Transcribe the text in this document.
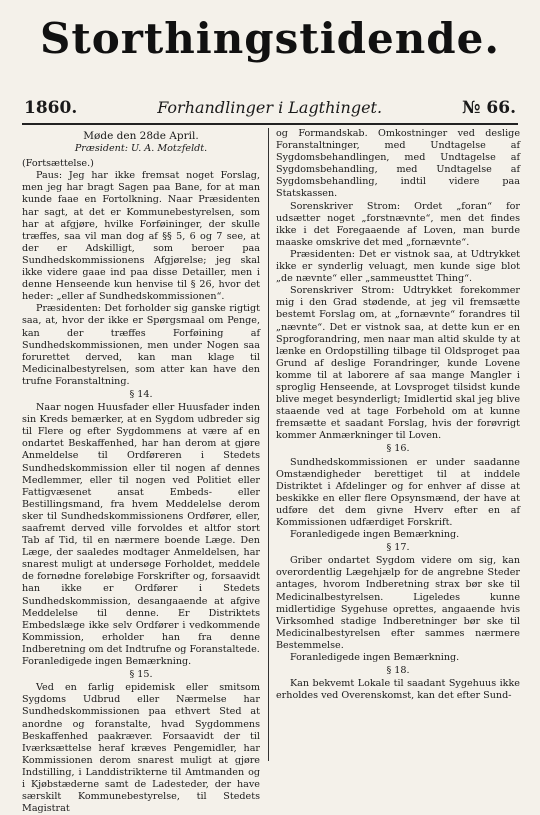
Storthingstidende.
1860.	Forhandlinger i Lagthinget.	№ 66.
Møde den 28de April.
Præsident: U. A. Motzfeldt.

(Fortsættelse.)

Paus: Jeg har ikke fremsat noget Forslag, men jeg har bragt Sagen paa Bane, for at man kunde faae en Fortolkning. Naar Præsidenten har sagt, at det er Kommunebestyrelsen, som har at afgjøre, hvilke Forføininger, der skulle træffes, saa vil man dog af §§ 5, 6 og 7 see, at der er Adskilligt, som beroer paa Sundhedskommissionens Afgjørelse; jeg skal ikke videre gaae ind paa disse Detailler, men i denne Henseende kun henvise til § 26, hvor det heder: „eller af Sundhedskommissionen“.

Præsidenten: Det forholder sig ganske rigtigt saa, at, hvor der ikke er Spørgsmaal om Penge, kan der træffes Forføining af Sundhedskommissionen, men under Nogen saa forurettet derved, kan man klage til Medicinalbestyrelsen, som atter kan have den trufne Foranstaltning.

§ 14.

Naar nogen Huusfader eller Huusfader inden sin Kreds bemærker, at en Sygdom udbreder sig til Flere og efter Sygdommens at være af en ondartet Beskaffenhed, har han derom at gjøre Anmeldelse til Ordføreren i Stedets Sundhedskommission eller til nogen af dennes Medlemmer, eller til nogen ved Politiet eller Fattigvæsenet ansat Embeds- eller Bestillingsmand, fra hvem Meddelelse derom sker til Sundhedskommissionens Ordfører, eller, saafremt derved ville forvoldes et altfor stort Tab af Tid, til en nærmere boende Læge. Den Læge, der saaledes modtager Anmeldelsen, har snarest muligt at undersøge Forholdet, meddele de fornødne foreløbige Forskrifter og, forsaavidt han ikke er Ordfører i Stedets Sundhedskommission, desangaaende at afgive Meddelelse til denne. Er Distriktets Embedslæge ikke selv Ordfører i vedkommende Kommission, erholder han fra denne Indberetning om det Indtrufne og Foranstaltede.

Foranledigede ingen Bemærkning.

§ 15.

Ved en farlig epidemisk eller smitsom Sygdoms Udbrud eller Nærmelse har Sundhedskommissionen paa ethvert Sted at anordne og foranstalte, hvad Sygdommens Beskaffenhed paakræver. Forsaavidt der til Iværksættelse heraf kræves Pengemidler, har Kommissionen derom snarest muligt at gjøre Indstilling, i Landdistrikterne til Amtmanden og i Kjøbstæderne samt de Ladesteder, der have særskilt Kommunebestyrelse, til Stedets Magistrat

og Formandskab. Omkostninger ved deslige Foranstaltninger, med Undtagelse af Sygdomsbehandlingen, med Undtagelse af Sygdomsbehandling, med Undtagelse af Sygdomsbehandling, indtil videre paa Statskassen.

Sorenskriver Strom: Ordet „foran“ for udsætter noget „forstnævnte“, men det findes ikke i det Foregaaende af Loven, man burde maaske omskrive det med „fornævnte“.

Præsidenten: Det er vistnok saa, at Udtrykket ikke er synderlig veluagt, men kunde sige blot „de nævnte“ eller „sammeusttet Thing“.

Sorenskriver Strom: Udtrykket forekommer mig i den Grad stødende, at jeg vil fremsætte bestemt Forslag om, at „fornævnte“ forandres til „nævnte“. Det er vistnok saa, at dette kun er en Sprogforandring, men naar man altid skulde ty at lænke en Ordopstilling tilbage til Oldsproget paa Grund af deslige Forandringer, kunde Lovene komme til at laborere af saa mange Mangler i sproglig Henseende, at Lovsproget tilsidst kunde blive meget besynderligt; Imidlertid skal jeg blive staaende ved at tage Forbehold om at kunne fremsætte et saadant Forslag, hvis der forøvrigt kommer Anmærkninger til Loven.

§ 16.

Sundhedskommissionen er under saadanne Omstændigheder berettiget til at inddele Distriktet i Afdelinger og for enhver af disse at beskikke en eller flere Opsynsmænd, der have at udføre det dem givne Hverv efter en af Kommissionen udfærdiget Forskrift.

Foranledigede ingen Bemærkning.

§ 17.

Griber ondartet Sygdom videre om sig, kan overordentlig Lægehjælp for de angrebne Steder antages, hvorom Indberetning strax bør ske til Medicinalbestyrelsen. Ligeledes kunne midlertidige Sygehuse oprettes, angaaende hvis Virksomhed stadige Indberetninger bør ske til Medicinalbestyrelsen efter sammes nærmere Bestemmelse.

Foranledigede ingen Bemærkning.

§ 18.

Kan bekvemt Lokale til saadant Sygehuus ikke erholdes ved Overenskomst, kan det efter Sund-
